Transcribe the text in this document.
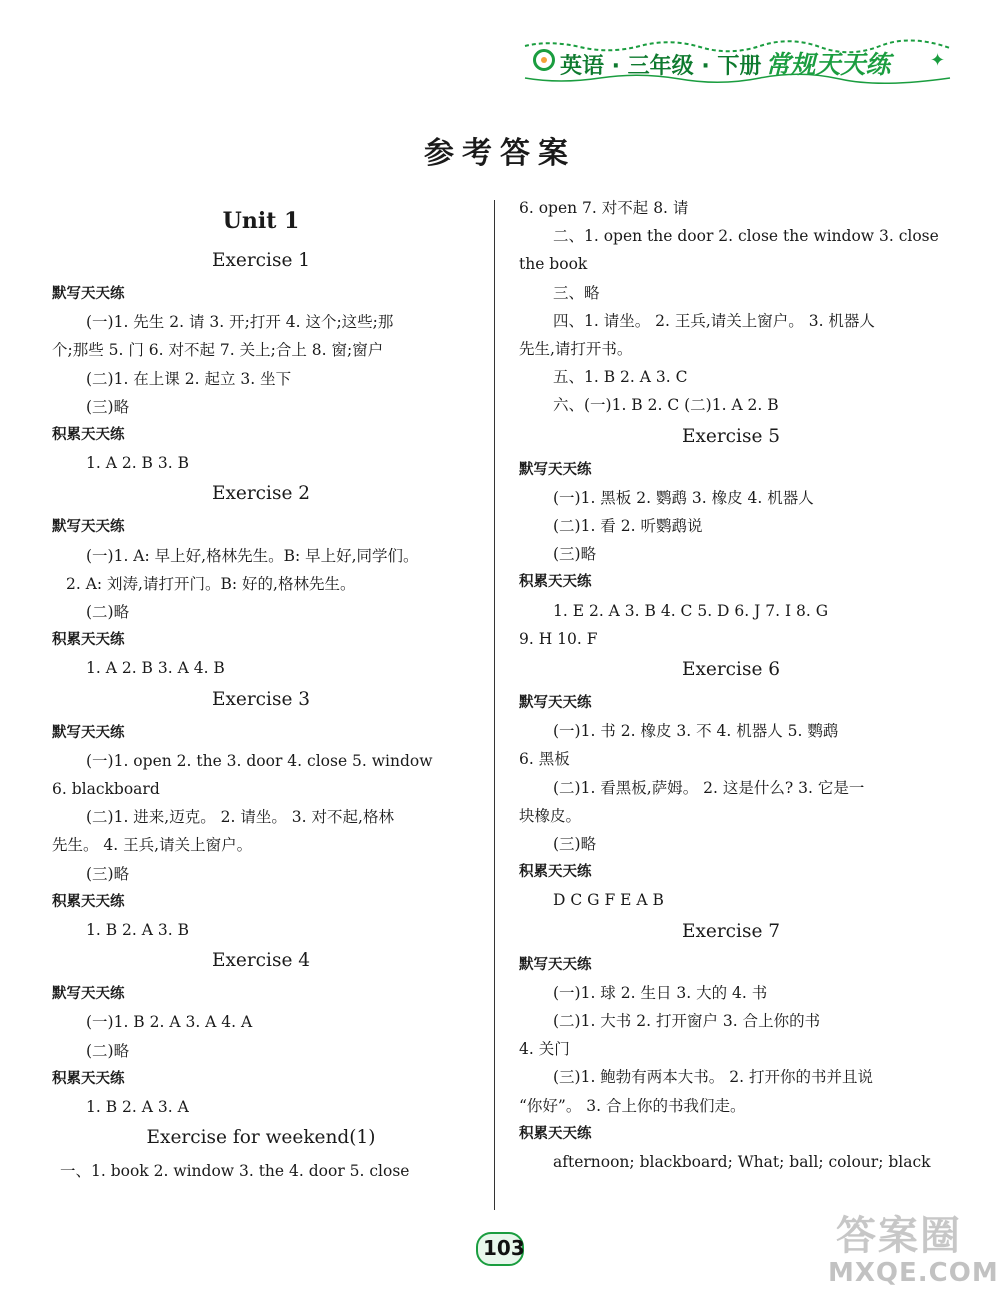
英语 · 三年级 · 下册 常规天天练 ✦
参考答案
Unit 1
Exercise 1
默写天天练
(一)1. 先生 2. 请 3. 开;打开 4. 这个;这些;那
个;那些 5. 门 6. 对不起 7. 关上;合上 8. 窗;窗户
(二)1. 在上课 2. 起立 3. 坐下
(三)略
积累天天练
1. A 2. B 3. B
Exercise 2
默写天天练
(一)1. A: 早上好,格林先生。B: 早上好,同学们。
2. A: 刘涛,请打开门。B: 好的,格林先生。
(二)略
积累天天练
1. A 2. B 3. A 4. B
Exercise 3
默写天天练
(一)1. open 2. the 3. door 4. close 5. window
6. blackboard
(二)1. 进来,迈克。 2. 请坐。 3. 对不起,格林
先生。 4. 王兵,请关上窗户。
(三)略
积累天天练
1. B 2. A 3. B
Exercise 4
默写天天练
(一)1. B 2. A 3. A 4. A
(二)略
积累天天练
1. B 2. A 3. A
Exercise for weekend(1)
一、1. book 2. window 3. the 4. door 5. close
6. open 7. 对不起 8. 请
二、1. open the door 2. close the window 3. close
the book
三、略
四、1. 请坐。 2. 王兵,请关上窗户。 3. 机器人
先生,请打开书。
五、1. B 2. A 3. C
六、(一)1. B 2. C (二)1. A 2. B
Exercise 5
默写天天练
(一)1. 黑板 2. 鹦鹉 3. 橡皮 4. 机器人
(二)1. 看 2. 听鹦鹉说
(三)略
积累天天练
1. E 2. A 3. B 4. C 5. D 6. J 7. I 8. G
9. H 10. F
Exercise 6
默写天天练
(一)1. 书 2. 橡皮 3. 不 4. 机器人 5. 鹦鹉
6. 黑板
(二)1. 看黑板,萨姆。 2. 这是什么? 3. 它是一
块橡皮。
(三)略
积累天天练
D C G F E A B
Exercise 7
默写天天练
(一)1. 球 2. 生日 3. 大的 4. 书
(二)1. 大书 2. 打开窗户 3. 合上你的书
4. 关门
(三)1. 鲍勃有两本大书。 2. 打开你的书并且说
“你好”。 3. 合上你的书我们走。
积累天天练
afternoon; blackboard; What; ball; colour; black
103	答案圈
MXQE.COM
